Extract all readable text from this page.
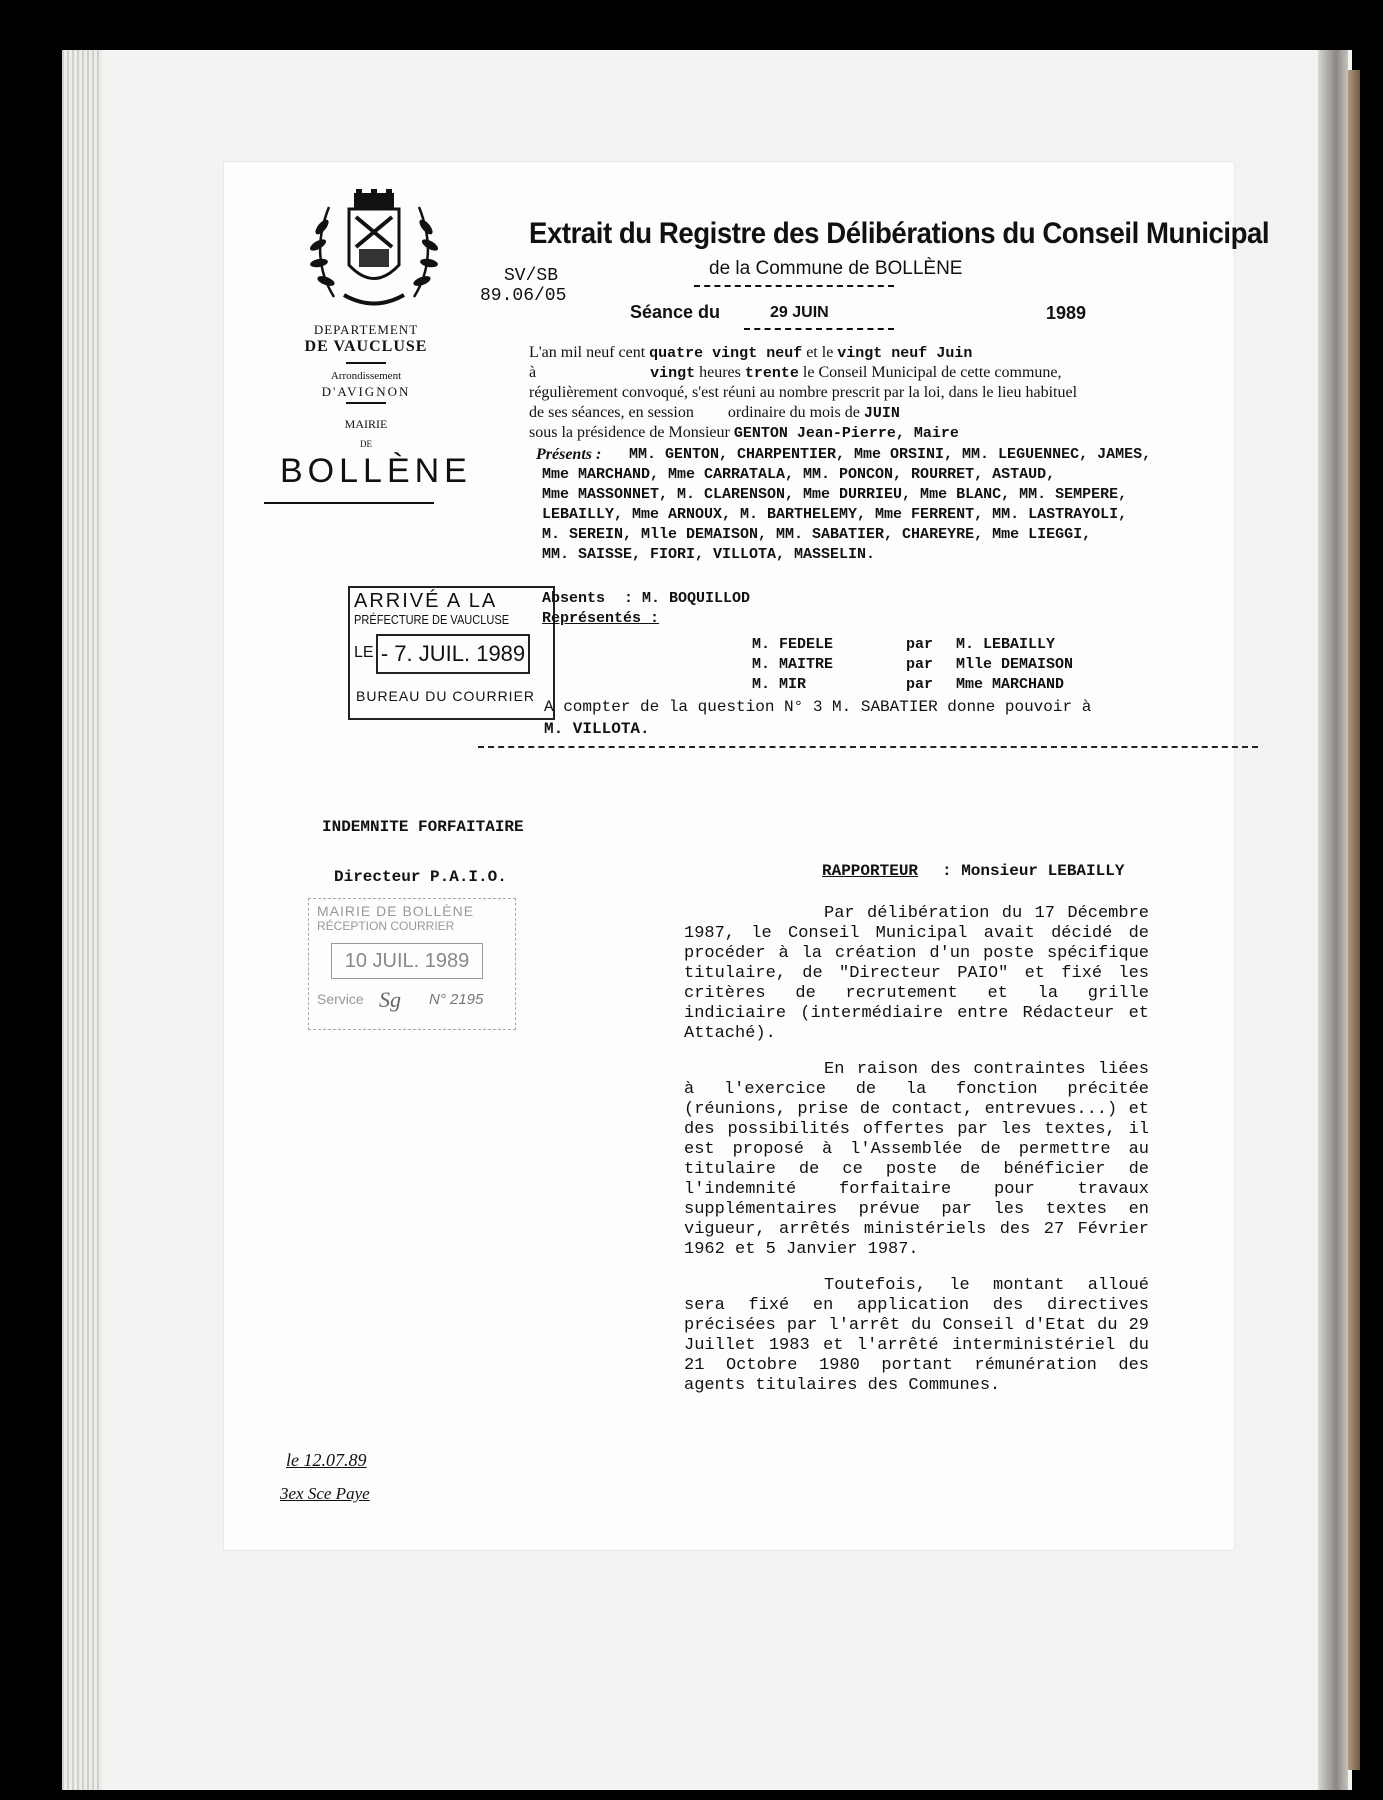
Extrait du Registre des Délibérations du Conseil Municipal
de la Commune de BOLLÈNE
SV/SB
89.06/05
Séance du	29 JUIN	1989
DEPARTEMENT
DE VAUCLUSE
Arrondissement
D'AVIGNON
MAIRIE
DE
BOLLÈNE
L'an mil neuf cent quatre vingt neuf et le vingt neuf Juin
à	vingt heures trente le Conseil Municipal de cette commune,
régulièrement convoqué, s'est réuni au nombre prescrit par la loi, dans le lieu habituel
de ses séances, en session ordinaire du mois de JUIN
sous la présidence de Monsieur GENTON Jean-Pierre, Maire
Présents : MM. GENTON, CHARPENTIER, Mme ORSINI, MM. LEGUENNEC, JAMES,
Mme MARCHAND, Mme CARRATALA, MM. PONCON, ROURRET, ASTAUD,
Mme MASSONNET, M. CLARENSON, Mme DURRIEU, Mme BLANC, MM. SEMPERE,
LEBAILLY, Mme ARNOUX, M. BARTHELEMY, Mme FERRENT, MM. LASTRAYOLI,
M. SEREIN, Mlle DEMAISON, MM. SABATIER, CHAREYRE, Mme LIEGGI,
MM. SAISSE, FIORI, VILLOTA, MASSELIN.
ARRIVÉ A LA
PRÉFECTURE DE VAUCLUSE
LE - 7. JUIL. 1989
BUREAU DU COURRIER
Absents : M. BOQUILLOD
Représentés :
M. FEDELE	par M. LEBAILLY
M. MAITRE	par Mlle DEMAISON
M. MIR	par Mme MARCHAND
A compter de la question N° 3 M. SABATIER donne pouvoir à
M. VILLOTA.
INDEMNITE FORFAITAIRE
Directeur P.A.I.O.	RAPPORTEUR : Monsieur LEBAILLY
MAIRIE DE BOLLÈNE
RÉCEPTION COURRIER
10 JUIL. 1989
Service Sg N° 2195

Par délibération du 17 Décembre 1987, le Conseil Municipal avait décidé de procéder à la création d'un poste spécifique titulaire, de "Directeur PAIO" et fixé les critères de recrutement et la grille indiciaire (intermédiaire entre Rédacteur et Attaché).

En raison des contraintes liées à l'exercice de la fonction précitée (réunions, prise de contact, entrevues...) et des possibilités offertes par les textes, il est proposé à l'Assemblée de permettre au titulaire de ce poste de bénéficier de l'indemnité forfaitaire pour travaux supplémentaires prévue par les textes en vigueur, arrêtés ministériels des 27 Février 1962 et 5 Janvier 1987.

Toutefois, le montant alloué sera fixé en application des directives précisées par l'arrêt du Conseil d'Etat du 29 Juillet 1983 et l'arrêté interministériel du 21 Octobre 1980 portant rémunération des agents titulaires des Communes.

le 12.07.89
3ex Sce Paye
